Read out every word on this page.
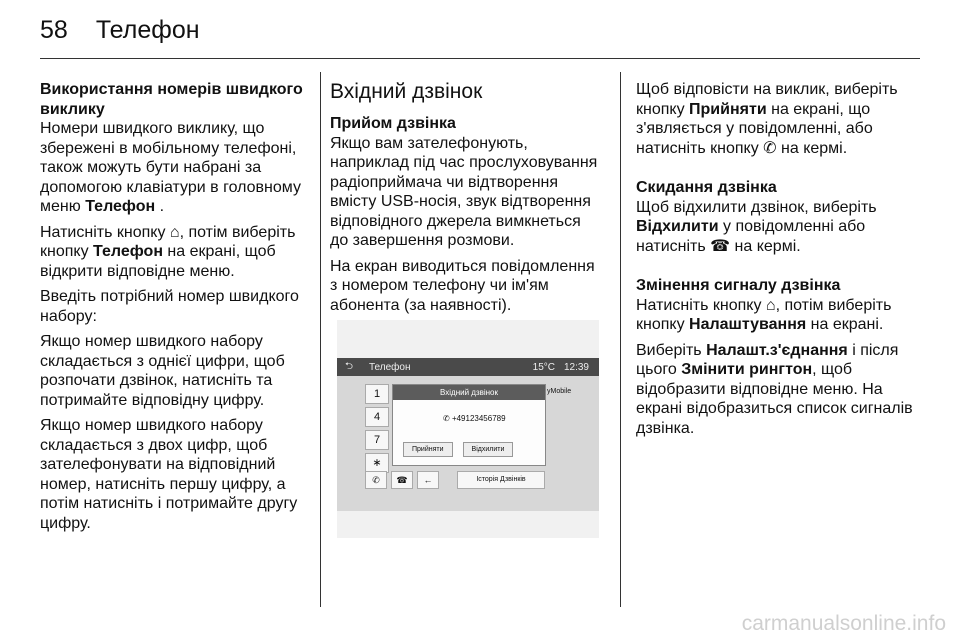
58 Телефон

Використання номерів швидкого виклику

Номери швидкого виклику, що збережені в мобільному телефоні, також можуть бути набрані за допомогою клавіатури в головному меню Телефон .

Натисніть кнопку ⌂, потім виберіть кнопку Телефон на екрані, щоб відкрити відповідне меню.

Введіть потрібний номер швидкого набору:

Якщо номер швидкого набору складається з однієї цифри, щоб розпочати дзвінок, натисніть та потримайте відповідну цифру.

Якщо номер швидкого набору складається з двох цифр, щоб зателефонувати на відповідний номер, натисніть першу цифру, а потім натисніть і потримайте другу цифру.

Вхідний дзвінок

Прийом дзвінка

Якщо вам зателефонують, наприклад під час прослуховування радіоприймача чи відтворення вмісту USB-носія, звук відтворення відповідного джерела вимкнеться до завершення розмови.

На екран виводиться повідомлення з номером телефону чи ім'ям абонента (за наявності).

⮌ Телефон	15°C 12:39
1
4
7
∗
Вхідний дзвінок
✆ +49123456789
Прийняти	Відхилити
yMobile
✆	☎	←	Історія Дзвінків

Щоб відповісти на виклик, виберіть кнопку Прийняти на екрані, що з'являється у повідомленні, або натисніть кнопку ✆ на кермі.

Скидання дзвінка

Щоб відхилити дзвінок, виберіть Відхилити у повідомленні або натисніть ☎ на кермі.

Змінення сигналу дзвінка

Натисніть кнопку ⌂, потім виберіть кнопку Налаштування на екрані.

Виберіть Налашт.з'єднання і після цього Змінити рингтон, щоб відобразити відповідне меню. На екрані відобразиться список сигналів дзвінка.

carmanualsonline.info
